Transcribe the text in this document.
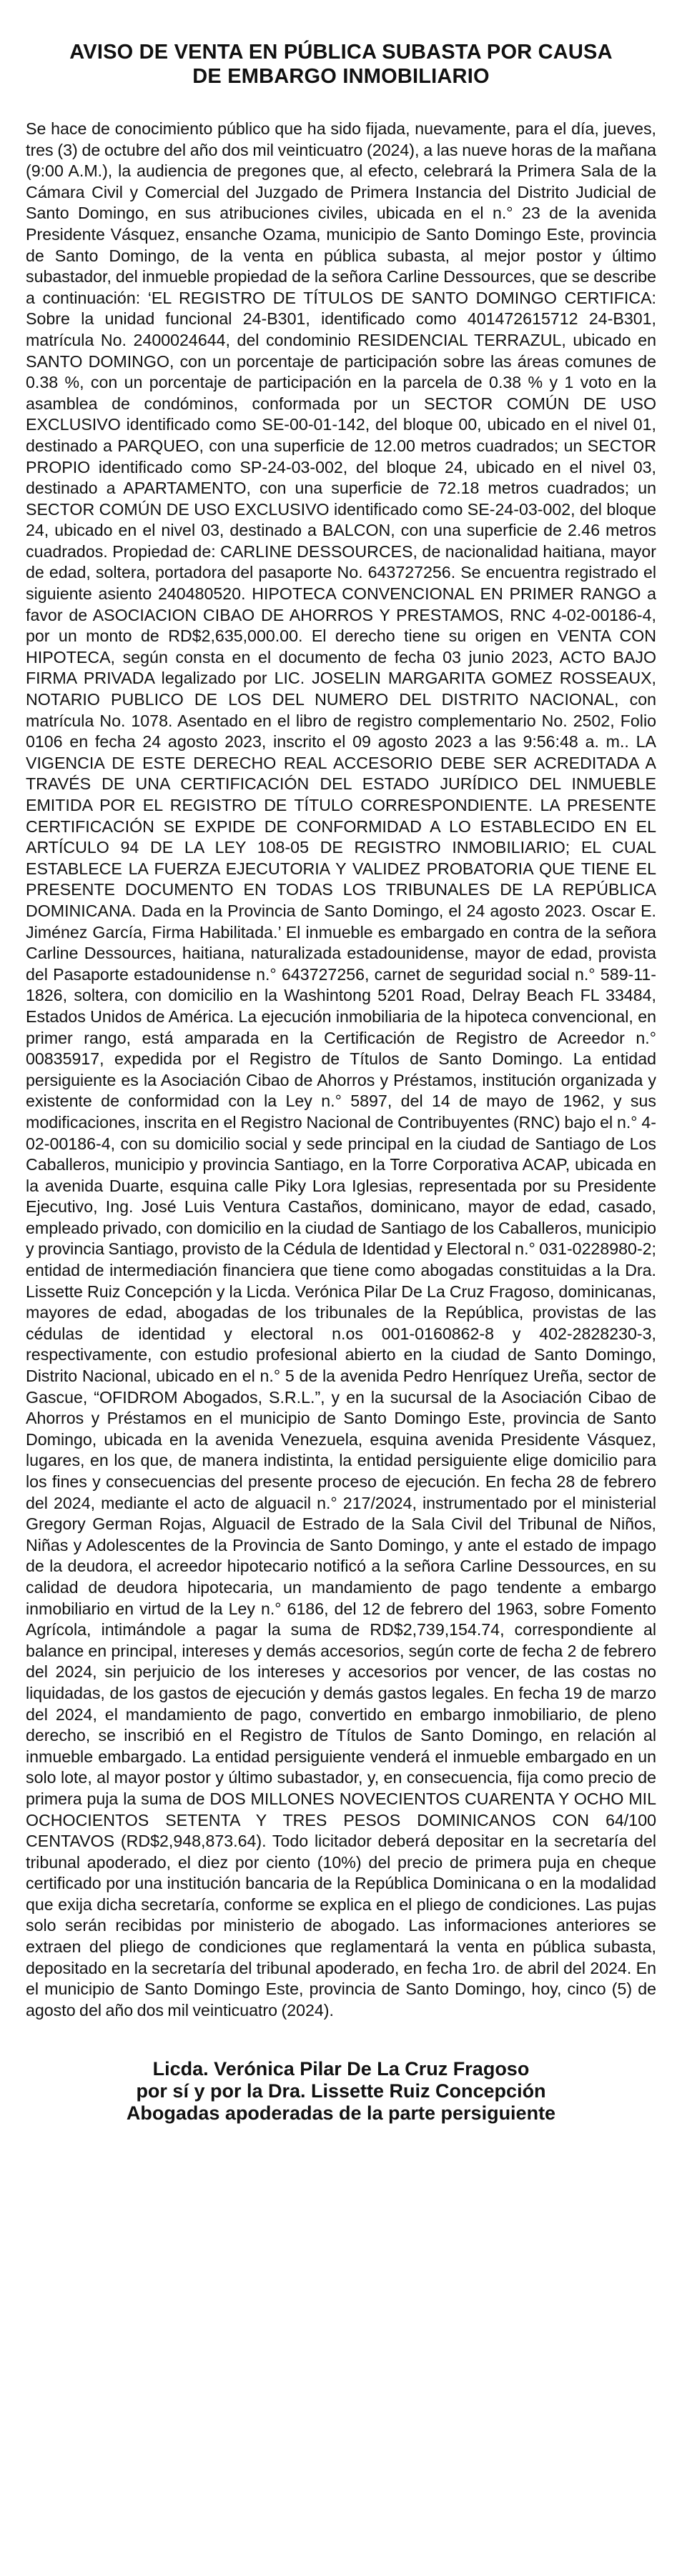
AVISO DE VENTA EN PÚBLICA SUBASTA POR CAUSA
DE EMBARGO INMOBILIARIO

Se hace de conocimiento público que ha sido fijada, nuevamente, para el día, jueves, tres (3) de octubre del año dos mil veinticuatro (2024), a las nueve horas de la mañana (9:00 A.M.), la audiencia de pregones que, al efecto, celebrará la Primera Sala de la Cámara Civil y Comercial del Juzgado de Primera Instancia del Distrito Judicial de Santo Domingo, en sus atribuciones civiles, ubicada en el n.° 23 de la avenida Presidente Vásquez, ensanche Ozama, municipio de Santo Domingo Este, provincia de Santo Domingo, de la venta en pública subasta, al mejor postor y último subastador, del inmueble propiedad de la señora Carline Dessources, que se describe a continuación: ‘EL REGISTRO DE TÍTULOS DE SANTO DOMINGO CERTIFICA: Sobre la unidad funcional 24-B301, identificado como 401472615712 24-B301, matrícula No. 2400024644, del condominio RESIDENCIAL TERRAZUL, ubicado en SANTO DOMINGO, con un porcentaje de participación sobre las áreas comunes de 0.38 %, con un porcentaje de participación en la parcela de 0.38 % y 1 voto en la asamblea de condóminos, conformada por un SECTOR COMÚN DE USO EXCLUSIVO identificado como SE-00-01-142, del bloque 00, ubicado en el nivel 01, destinado a PARQUEO, con una superficie de 12.00 metros cuadrados; un SECTOR PROPIO identificado como SP-24-03-002, del bloque 24, ubicado en el nivel 03, destinado a APARTAMENTO, con una superficie de 72.18 metros cuadrados; un SECTOR COMÚN DE USO EXCLUSIVO identificado como SE-24-03-002, del bloque 24, ubicado en el nivel 03, destinado a BALCON, con una superficie de 2.46 metros cuadrados. Propiedad de: CARLINE DESSOURCES, de nacionalidad haitiana, mayor de edad, soltera, portadora del pasaporte No. 643727256. Se encuentra registrado el siguiente asiento 240480520. HIPOTECA CONVENCIONAL EN PRIMER RANGO a favor de ASOCIACION CIBAO DE AHORROS Y PRESTAMOS, RNC 4-02-00186-4, por un monto de RD$2,635,000.00. El derecho tiene su origen en VENTA CON HIPOTECA, según consta en el documento de fecha 03 junio 2023, ACTO BAJO FIRMA PRIVADA legalizado por LIC. JOSELIN MARGARITA GOMEZ ROSSEAUX, NOTARIO PUBLICO DE LOS DEL NUMERO DEL DISTRITO NACIONAL, con matrícula No. 1078. Asentado en el libro de registro complementario No. 2502, Folio 0106 en fecha 24 agosto 2023, inscrito el 09 agosto 2023 a las 9:56:48 a. m.. LA VIGENCIA DE ESTE DERECHO REAL ACCESORIO DEBE SER ACREDITADA A TRAVÉS DE UNA CERTIFICACIÓN DEL ESTADO JURÍDICO DEL INMUEBLE EMITIDA POR EL REGISTRO DE TÍTULO CORRESPONDIENTE. LA PRESENTE CERTIFICACIÓN SE EXPIDE DE CONFORMIDAD A LO ESTABLECIDO EN EL ARTÍCULO 94 DE LA LEY 108-05 DE REGISTRO INMOBILIARIO; EL CUAL ESTABLECE LA FUERZA EJECUTORIA Y VALIDEZ PROBATORIA QUE TIENE EL PRESENTE DOCUMENTO EN TODAS LOS TRIBUNALES DE LA REPÚBLICA DOMINICANA. Dada en la Provincia de Santo Domingo, el 24 agosto 2023. Oscar E. Jiménez García, Firma Habilitada.’ El inmueble es embargado en contra de la señora Carline Dessources, haitiana, naturalizada estadounidense, mayor de edad, provista del Pasaporte estadounidense n.° 643727256, carnet de seguridad social n.° 589-11-1826, soltera, con domicilio en la Washintong 5201 Road, Delray Beach FL 33484, Estados Unidos de América. La ejecución inmobiliaria de la hipoteca convencional, en primer rango, está amparada en la Certificación de Registro de Acreedor n.° 00835917, expedida por el Registro de Títulos de Santo Domingo. La entidad persiguiente es la Asociación Cibao de Ahorros y Préstamos, institución organizada y existente de conformidad con la Ley n.° 5897, del 14 de mayo de 1962, y sus modificaciones, inscrita en el Registro Nacional de Contribuyentes (RNC) bajo el n.° 4-02-00186-4, con su domicilio social y sede principal en la ciudad de Santiago de Los Caballeros, municipio y provincia Santiago, en la Torre Corporativa ACAP, ubicada en la avenida Duarte, esquina calle Piky Lora Iglesias, representada por su Presidente Ejecutivo, Ing. José Luis Ventura Castaños, dominicano, mayor de edad, casado, empleado privado, con domicilio en la ciudad de Santiago de los Caballeros, municipio y provincia Santiago, provisto de la Cédula de Identidad y Electoral n.° 031-0228980-2; entidad de intermediación financiera que tiene como abogadas constituidas a la Dra. Lissette Ruiz Concepción y la Licda. Verónica Pilar De La Cruz Fragoso, dominicanas, mayores de edad, abogadas de los tribunales de la República, provistas de las cédulas de identidad y electoral n.os 001-0160862-8 y 402-2828230-3, respectivamente, con estudio profesional abierto en la ciudad de Santo Domingo, Distrito Nacional, ubicado en el n.° 5 de la avenida Pedro Henríquez Ureña, sector de Gascue, “OFIDROM Abogados, S.R.L.”, y en la sucursal de la Asociación Cibao de Ahorros y Préstamos en el municipio de Santo Domingo Este, provincia de Santo Domingo, ubicada en la avenida Venezuela, esquina avenida Presidente Vásquez, lugares, en los que, de manera indistinta, la entidad persiguiente elige domicilio para los fines y consecuencias del presente proceso de ejecución. En fecha 28 de febrero del 2024, mediante el acto de alguacil n.° 217/2024, instrumentado por el ministerial Gregory German Rojas, Alguacil de Estrado de la Sala Civil del Tribunal de Niños, Niñas y Adolescentes de la Provincia de Santo Domingo, y ante el estado de impago de la deudora, el acreedor hipotecario notificó a la señora Carline Dessources, en su calidad de deudora hipotecaria, un mandamiento de pago tendente a embargo inmobiliario en virtud de la Ley n.° 6186, del 12 de febrero del 1963, sobre Fomento Agrícola, intimándole a pagar la suma de RD$2,739,154.74, correspondiente al balance en principal, intereses y demás accesorios, según corte de fecha 2 de febrero del 2024, sin perjuicio de los intereses y accesorios por vencer, de las costas no liquidadas, de los gastos de ejecución y demás gastos legales. En fecha 19 de marzo del 2024, el mandamiento de pago, convertido en embargo inmobiliario, de pleno derecho, se inscribió en el Registro de Títulos de Santo Domingo, en relación al inmueble embargado. La entidad persiguiente venderá el inmueble embargado en un solo lote, al mayor postor y último subastador, y, en consecuencia, fija como precio de primera puja la suma de DOS MILLONES NOVECIENTOS CUARENTA Y OCHO MIL OCHOCIENTOS SETENTA Y TRES PESOS DOMINICANOS CON 64/100 CENTAVOS (RD$2,948,873.64). Todo licitador deberá depositar en la secretaría del tribunal apoderado, el diez por ciento (10%) del precio de primera puja en cheque certificado por una institución bancaria de la República Dominicana o en la modalidad que exija dicha secretaría, conforme se explica en el pliego de condiciones. Las pujas solo serán recibidas por ministerio de abogado. Las informaciones anteriores se extraen del pliego de condiciones que reglamentará la venta en pública subasta, depositado en la secretaría del tribunal apoderado, en fecha 1ro. de abril del 2024. En el municipio de Santo Domingo Este, provincia de Santo Domingo, hoy, cinco (5) de agosto del año dos mil veinticuatro (2024).

Licda. Verónica Pilar De La Cruz Fragoso
por sí y por la Dra. Lissette Ruiz Concepción
Abogadas apoderadas de la parte persiguiente
